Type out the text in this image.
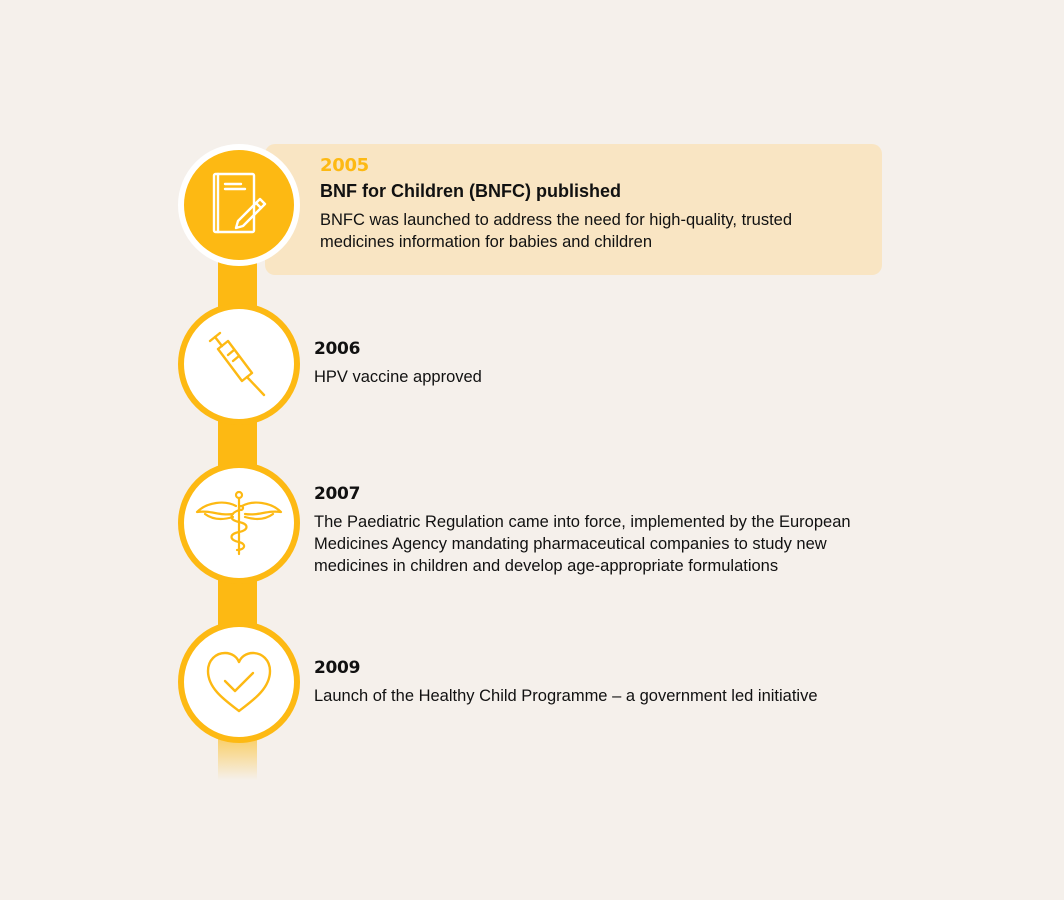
2005

BNF for Children (BNFC) published

BNFC was launched to address the need for high-quality, trusted medicines information for babies and children

2006

HPV vaccine approved

2007

The Paediatric Regulation came into force, implemented by the European Medicines Agency mandating pharmaceutical companies to study new medicines in children and develop age-appropriate formulations

2009

Launch of the Healthy Child Programme – a government led initiative
